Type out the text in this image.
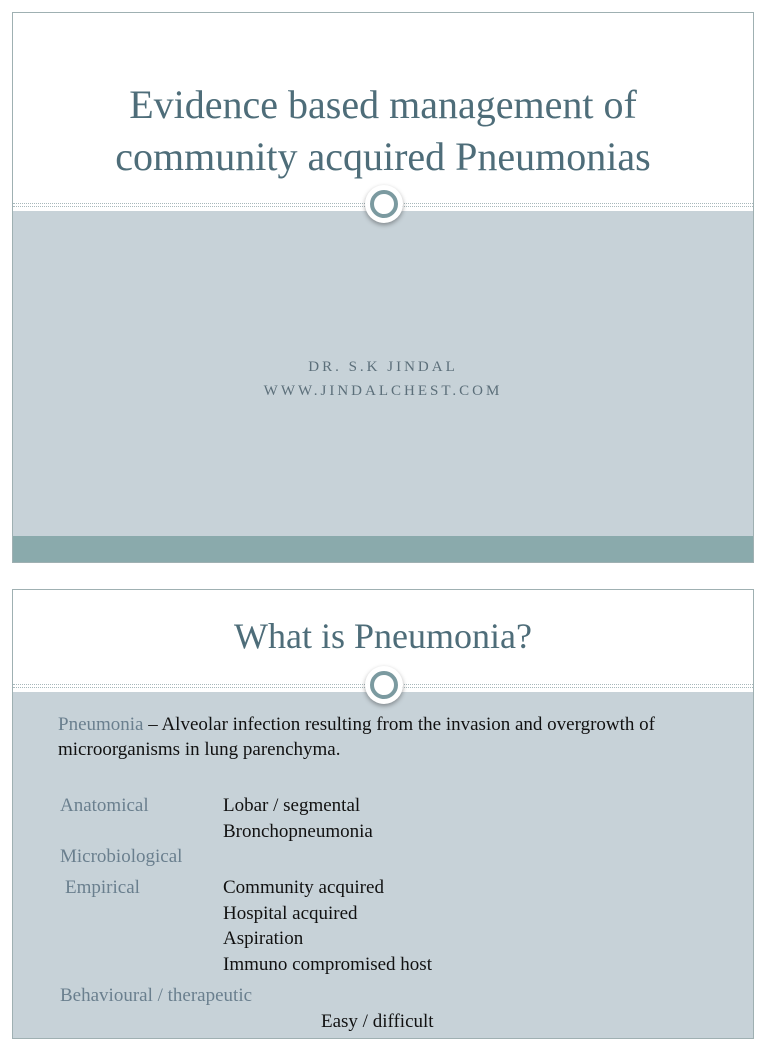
Evidence based management of
community acquired Pneumonias
DR. S.K JINDAL
WWW.JINDALCHEST.COM
What is Pneumonia?
Pneumonia – Alveolar infection resulting from the invasion and overgrowth of microorganisms in lung parenchyma.
Anatomical	Lobar / segmental
Bronchopneumonia
Microbiological
Empirical	Community acquired
Hospital acquired
Aspiration
Immuno compromised host
Behavioural / therapeutic
Easy / difficult
